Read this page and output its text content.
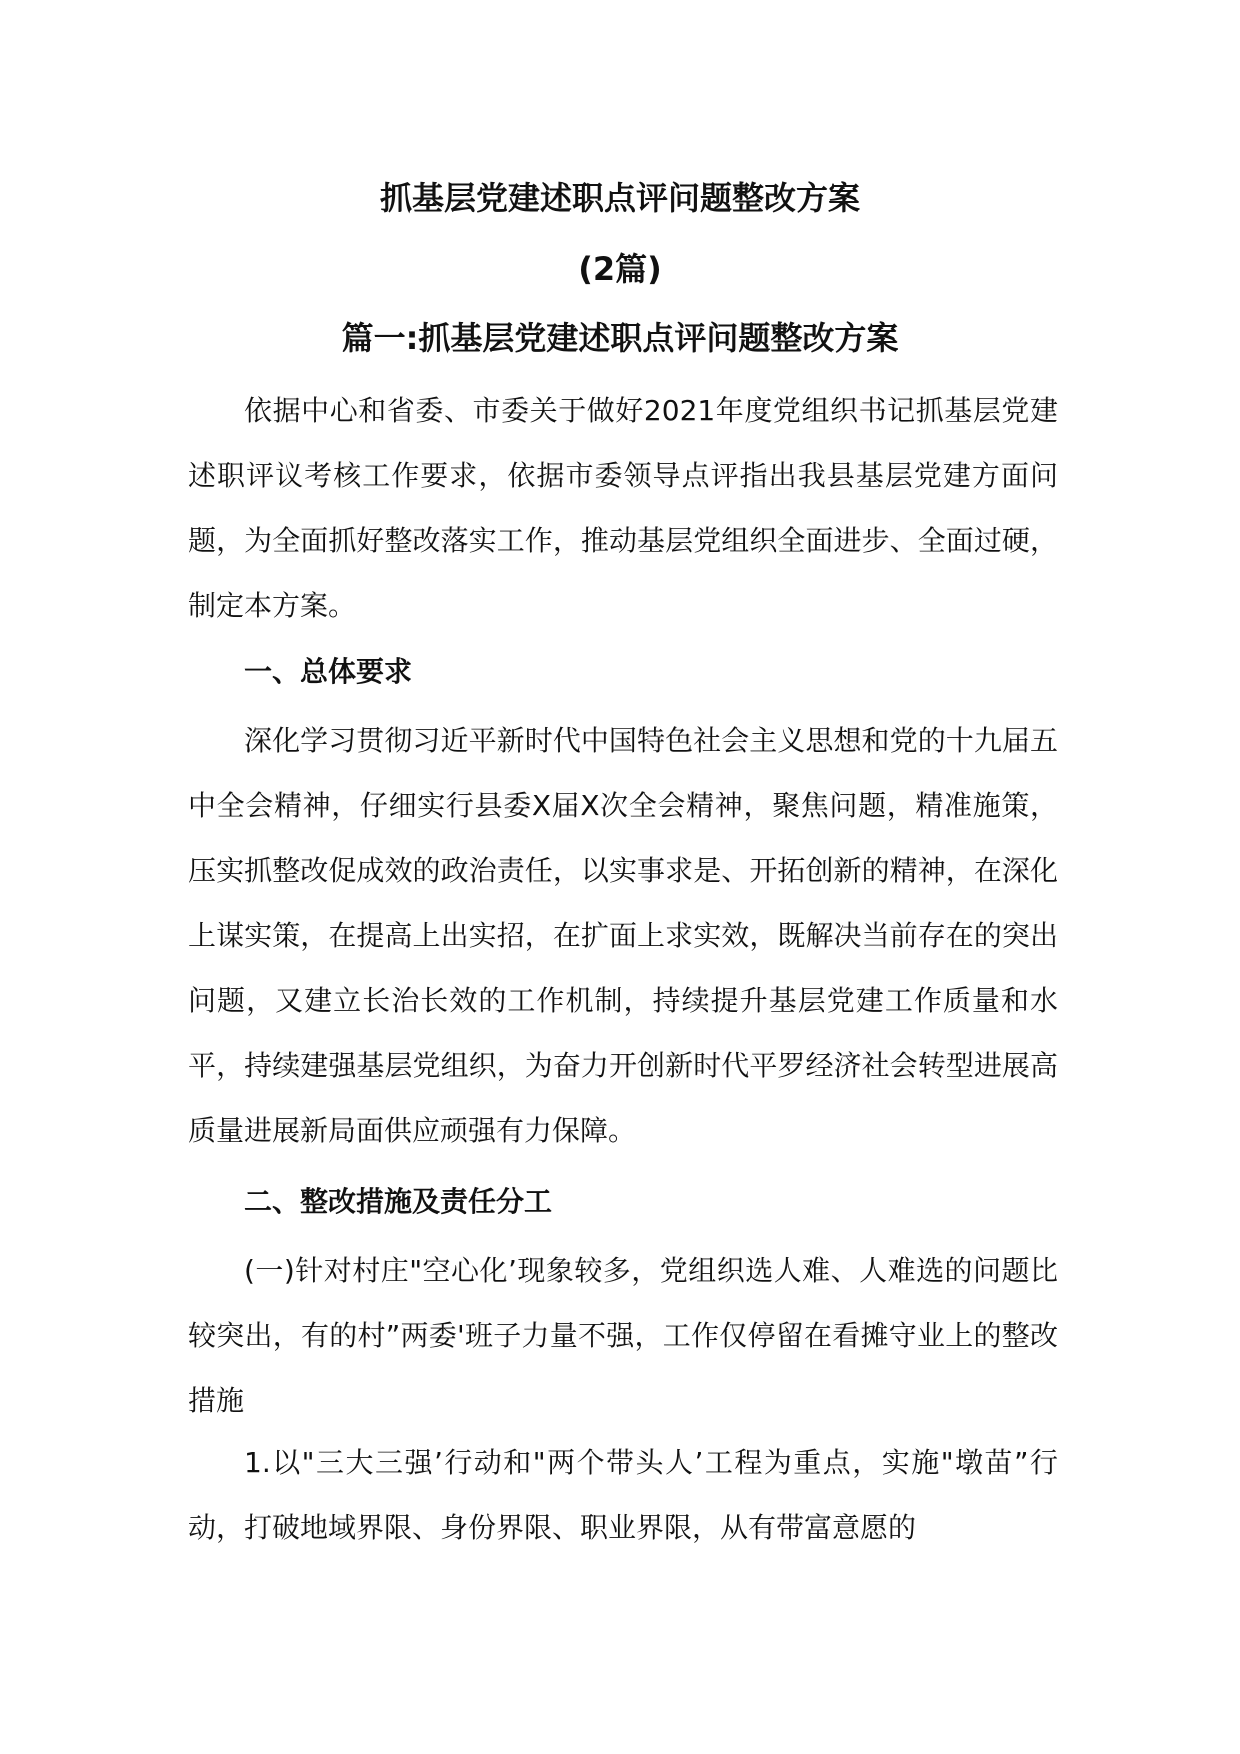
抓基层党建述职点评问题整改方案
(2篇)
篇一:抓基层党建述职点评问题整改方案

依据中心和省委、市委关于做好2021年度党组织书记抓基层党建述职评议考核工作要求，依据市委领导点评指出我县基层党建方面问题，为全面抓好整改落实工作，推动基层党组织全面进步、全面过硬，制定本方案。

一、总体要求

深化学习贯彻习近平新时代中国特色社会主义思想和党的十九届五中全会精神，仔细实行县委X届X次全会精神，聚焦问题，精准施策，压实抓整改促成效的政治责任，以实事求是、开拓创新的精神，在深化上谋实策，在提高上出实招，在扩面上求实效，既解决当前存在的突出问题，又建立长治长效的工作机制，持续提升基层党建工作质量和水平，持续建强基层党组织，为奋力开创新时代平罗经济社会转型进展高质量进展新局面供应顽强有力保障。

二、整改措施及责任分工

(一)针对村庄"空心化’现象较多，党组织选人难、人难选的问题比较突出，有的村”两委'班子力量不强，工作仅停留在看摊守业上的整改措施

1.以"三大三强’行动和"两个带头人’工程为重点，实施"墩苗”行动，打破地域界限、身份界限、职业界限，从有带富意愿的
